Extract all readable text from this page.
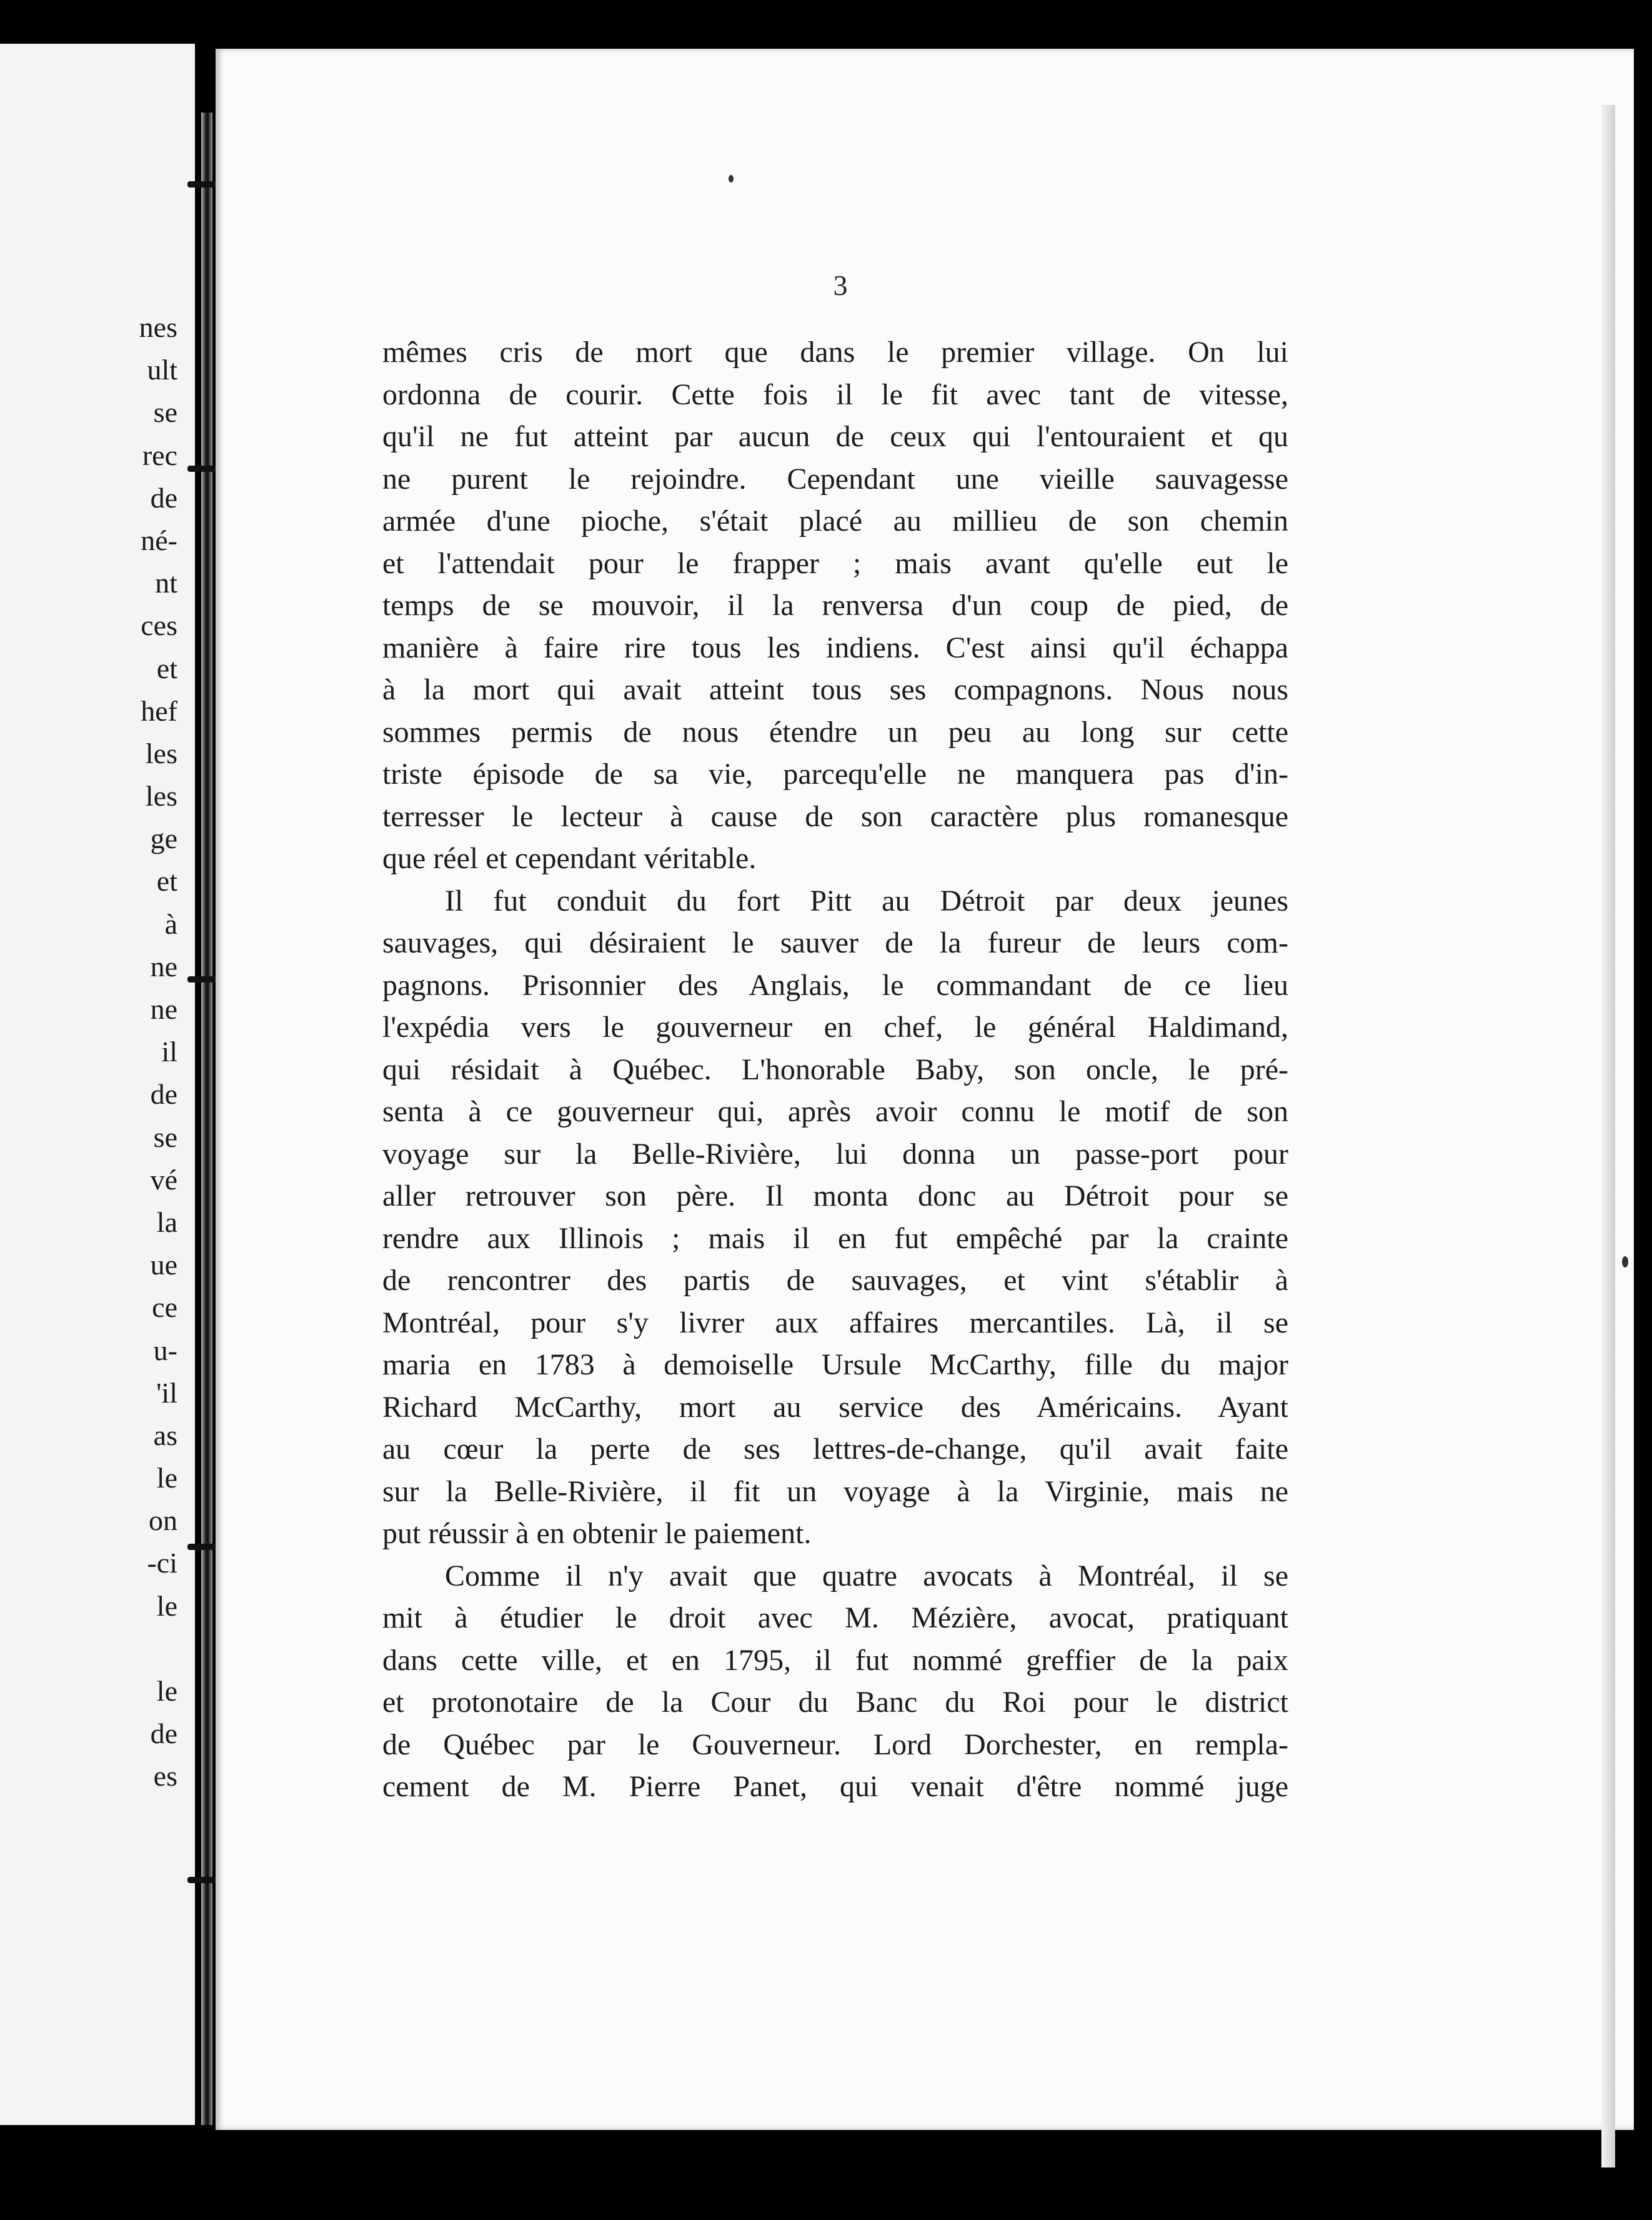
nes
ult
se
rec
de
né-
nt
ces
et
hef
les
les
ge
et
à
ne
ne
il
de
se
vé
la
ue
ce
u-
'il
as
le
on
-ci
le
le
de
es
3
mêmes cris de mort que dans le premier village. On lui
ordonna de courir. Cette fois il le fit avec tant de vitesse,
qu'il ne fut atteint par aucun de ceux qui l'entouraient et qu
ne purent le rejoindre. Cependant une vieille sauvagesse
armée d'une pioche, s'était placé au millieu de son chemin
et l'attendait pour le frapper ; mais avant qu'elle eut le
temps de se mouvoir, il la renversa d'un coup de pied, de
manière à faire rire tous les indiens. C'est ainsi qu'il échappa
à la mort qui avait atteint tous ses compagnons. Nous nous
sommes permis de nous étendre un peu au long sur cette
triste épisode de sa vie, parcequ'elle ne manquera pas d'in-
terresser le lecteur à cause de son caractère plus romanesque
que réel et cependant véritable.
Il fut conduit du fort Pitt au Détroit par deux jeunes
sauvages, qui désiraient le sauver de la fureur de leurs com-
pagnons. Prisonnier des Anglais, le commandant de ce lieu
l'expédia vers le gouverneur en chef, le général Haldimand,
qui résidait à Québec. L'honorable Baby, son oncle, le pré-
senta à ce gouverneur qui, après avoir connu le motif de son
voyage sur la Belle-Rivière, lui donna un passe-port pour
aller retrouver son père. Il monta donc au Détroit pour se
rendre aux Illinois ; mais il en fut empêché par la crainte
de rencontrer des partis de sauvages, et vint s'établir à
Montréal, pour s'y livrer aux affaires mercantiles. Là, il se
maria en 1783 à demoiselle Ursule McCarthy, fille du major
Richard McCarthy, mort au service des Américains. Ayant
au cœur la perte de ses lettres-de-change, qu'il avait faite
sur la Belle-Rivière, il fit un voyage à la Virginie, mais ne
put réussir à en obtenir le paiement.
Comme il n'y avait que quatre avocats à Montréal, il se
mit à étudier le droit avec M. Mézière, avocat, pratiquant
dans cette ville, et en 1795, il fut nommé greffier de la paix
et protonotaire de la Cour du Banc du Roi pour le district
de Québec par le Gouverneur. Lord Dorchester, en rempla-
cement de M. Pierre Panet, qui venait d'être nommé juge
